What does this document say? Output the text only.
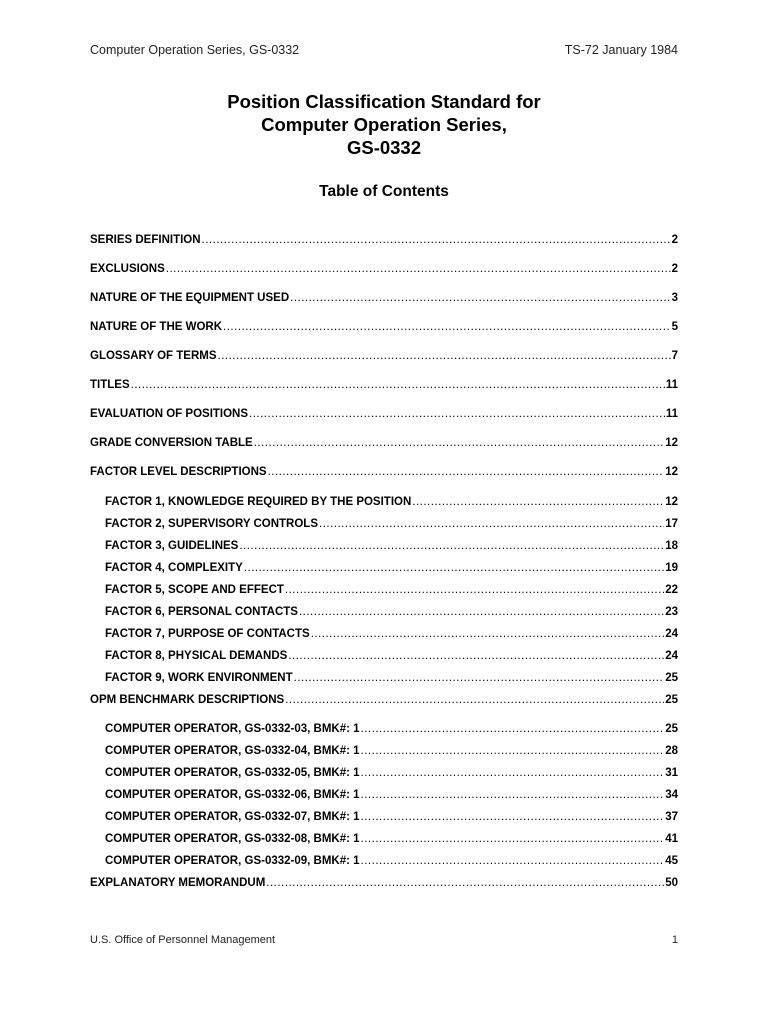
Computer Operation Series, GS-0332	TS-72 January 1984
Position Classification Standard for
Computer Operation Series,
GS-0332
Table of Contents
SERIES DEFINITION .....	2
EXCLUSIONS .....	2
NATURE OF THE EQUIPMENT USED .....	3
NATURE OF THE WORK .....	5
GLOSSARY OF TERMS .....	7
TITLES .....	11
EVALUATION OF POSITIONS .....	11
GRADE CONVERSION TABLE .....	12
FACTOR LEVEL DESCRIPTIONS .....	12
FACTOR 1, KNOWLEDGE REQUIRED BY THE POSITION .....	12
FACTOR 2, SUPERVISORY CONTROLS .....	17
FACTOR 3, GUIDELINES .....	18
FACTOR 4, COMPLEXITY .....	19
FACTOR 5, SCOPE AND EFFECT .....	22
FACTOR 6, PERSONAL CONTACTS .....	23
FACTOR 7, PURPOSE OF CONTACTS .....	24
FACTOR 8, PHYSICAL DEMANDS .....	24
FACTOR 9, WORK ENVIRONMENT .....	25
OPM BENCHMARK DESCRIPTIONS .....	25
COMPUTER OPERATOR, GS-0332-03, BMK#: 1 .....	25
COMPUTER OPERATOR, GS-0332-04, BMK#: 1 .....	28
COMPUTER OPERATOR, GS-0332-05, BMK#: 1 .....	31
COMPUTER OPERATOR, GS-0332-06, BMK#: 1 .....	34
COMPUTER OPERATOR, GS-0332-07, BMK#: 1 .....	37
COMPUTER OPERATOR, GS-0332-08, BMK#: 1 .....	41
COMPUTER OPERATOR, GS-0332-09, BMK#: 1 .....	45
EXPLANATORY MEMORANDUM .....	50
U.S. Office of Personnel Management	1
